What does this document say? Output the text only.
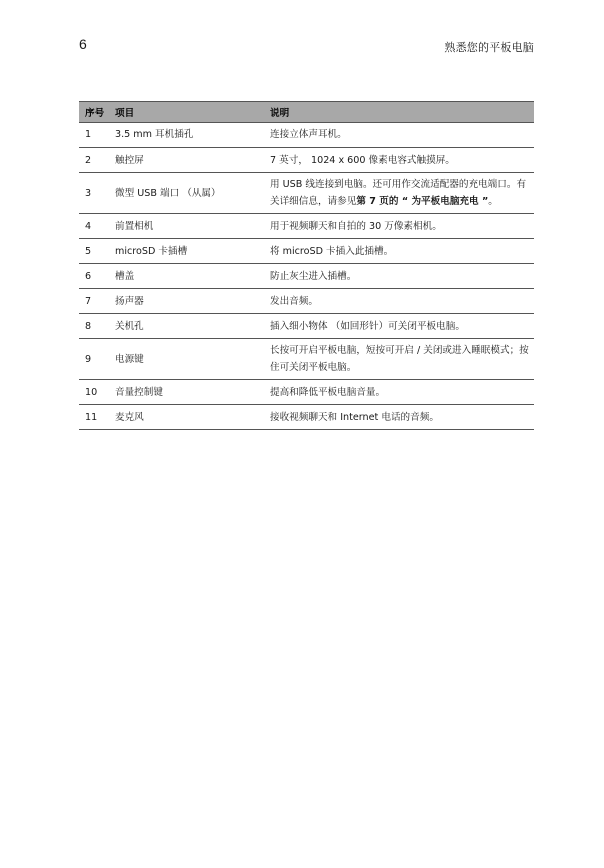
6	熟悉您的平板电脑
序号	项目	说明
1	3.5 mm 耳机插孔	连接立体声耳机。
2	触控屏	7 英寸， 1024 x 600 像素电容式触摸屏。
3	微型 USB 端口 （从属）	用 USB 线连接到电脑。还可用作交流适配器的充电端口。有关详细信息，请参见第 7 页的 “ 为平板电脑充电 ”。
4	前置相机	用于视频聊天和自拍的 30 万像素相机。
5	microSD 卡插槽	将 microSD 卡插入此插槽。
6	槽盖	防止灰尘进入插槽。
7	扬声器	发出音频。
8	关机孔	插入细小物体 （如回形针）可关闭平板电脑。
9	电源键	长按可开启平板电脑，短按可开启 / 关闭或进入睡眠模式；按住可关闭平板电脑。
10	音量控制键	提高和降低平板电脑音量。
11	麦克风	接收视频聊天和 Internet 电话的音频。
